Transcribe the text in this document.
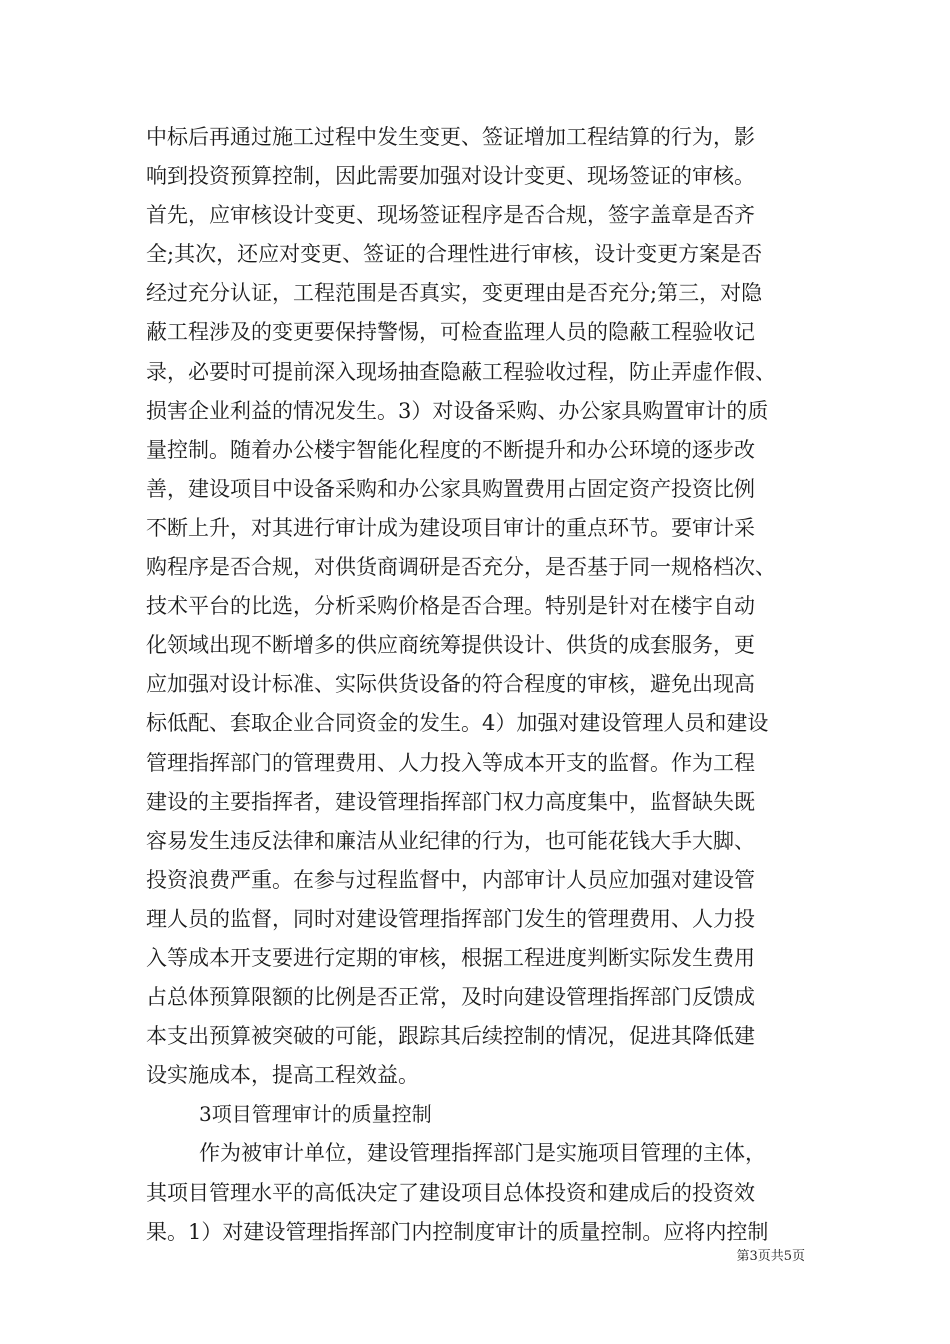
中标后再通过施工过程中发生变更、签证增加工程结算的行为，影
响到投资预算控制，因此需要加强对设计变更、现场签证的审核。
首先，应审核设计变更、现场签证程序是否合规，签字盖章是否齐
全;其次，还应对变更、签证的合理性进行审核，设计变更方案是否
经过充分认证，工程范围是否真实，变更理由是否充分;第三，对隐
蔽工程涉及的变更要保持警惕，可检查监理人员的隐蔽工程验收记
录，必要时可提前深入现场抽查隐蔽工程验收过程，防止弄虚作假、
损害企业利益的情况发生。3）对设备采购、办公家具购置审计的质
量控制。随着办公楼宇智能化程度的不断提升和办公环境的逐步改
善，建设项目中设备采购和办公家具购置费用占固定资产投资比例
不断上升，对其进行审计成为建设项目审计的重点环节。要审计采
购程序是否合规，对供货商调研是否充分，是否基于同一规格档次、
技术平台的比选，分析采购价格是否合理。特别是针对在楼宇自动
化领域出现不断增多的供应商统筹提供设计、供货的成套服务，更
应加强对设计标准、实际供货设备的符合程度的审核，避免出现高
标低配、套取企业合同资金的发生。4）加强对建设管理人员和建设
管理指挥部门的管理费用、人力投入等成本开支的监督。作为工程
建设的主要指挥者，建设管理指挥部门权力高度集中，监督缺失既
容易发生违反法律和廉洁从业纪律的行为，也可能花钱大手大脚、
投资浪费严重。在参与过程监督中，内部审计人员应加强对建设管
理人员的监督，同时对建设管理指挥部门发生的管理费用、人力投
入等成本开支要进行定期的审核，根据工程进度判断实际发生费用
占总体预算限额的比例是否正常，及时向建设管理指挥部门反馈成
本支出预算被突破的可能，跟踪其后续控制的情况，促进其降低建
设实施成本，提高工程效益。
3项目管理审计的质量控制
作为被审计单位，建设管理指挥部门是实施项目管理的主体，
其项目管理水平的高低决定了建设项目总体投资和建成后的投资效
果。1）对建设管理指挥部门内控制度审计的质量控制。应将内控制
第3页共5页
